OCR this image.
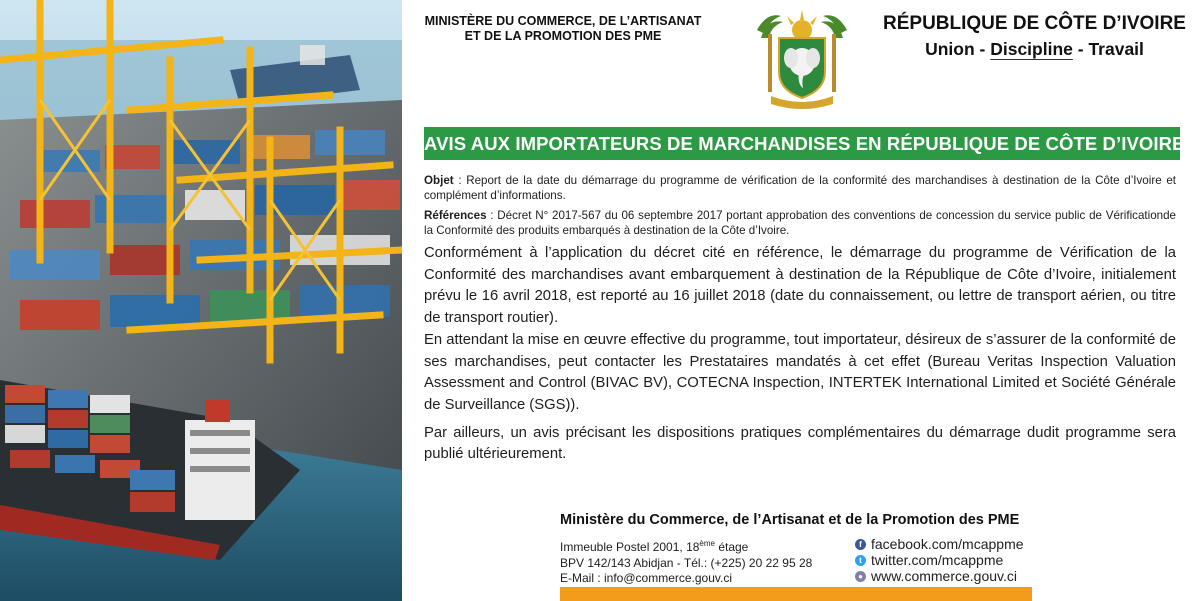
MINISTÈRE DU COMMERCE, DE L’ARTISANAT
ET DE LA PROMOTION DES PME
RÉPUBLIQUE DE CÔTE D’IVOIRE
Union - Discipline - Travail
AVIS AUX IMPORTATEURS DE MARCHANDISES EN RÉPUBLIQUE DE CÔTE D’IVOIRE

Objet : Report de la date du démarrage du programme de vérification de la conformité des marchandises à destination de la Côte d’Ivoire et complément d’informations.

Références : Décret N° 2017-567 du 06 septembre 2017 portant approbation des conventions de concession du service public de Vérificationde la Conformité des produits embarqués à destination de la Côte d’Ivoire.

Conformément à l’application du décret cité en référence, le démarrage du programme de Vérification de la Conformité des marchandises avant embarquement à destination de la République de Côte d’Ivoire, initialement prévu le 16 avril 2018, est reporté au 16 juillet 2018 (date du connaissement, ou lettre de transport aérien, ou titre de transport routier).

En attendant la mise en œuvre effective du programme, tout importateur, désireux de s’assurer de la conformité de ses marchandises, peut contacter les Prestataires mandatés à cet effet (Bureau Veritas Inspection Valuation Assessment and Control (BIVAC BV), COTECNA Inspection, INTERTEK International Limited et Société Générale de Surveillance (SGS)).

Par ailleurs, un avis précisant les dispositions pratiques complémentaires du démarrage dudit programme sera publié ultérieurement.

Ministère du Commerce, de l’Artisanat et de la Promotion des PME
Immeuble Postel 2001, 18ème étage
BPV 142/143 Abidjan - Tél.: (+225) 20 22 95 28
E-Mail : info@commerce.gouv.ci
f facebook.com/mcappme
t twitter.com/mcappme
● www.commerce.gouv.ci
